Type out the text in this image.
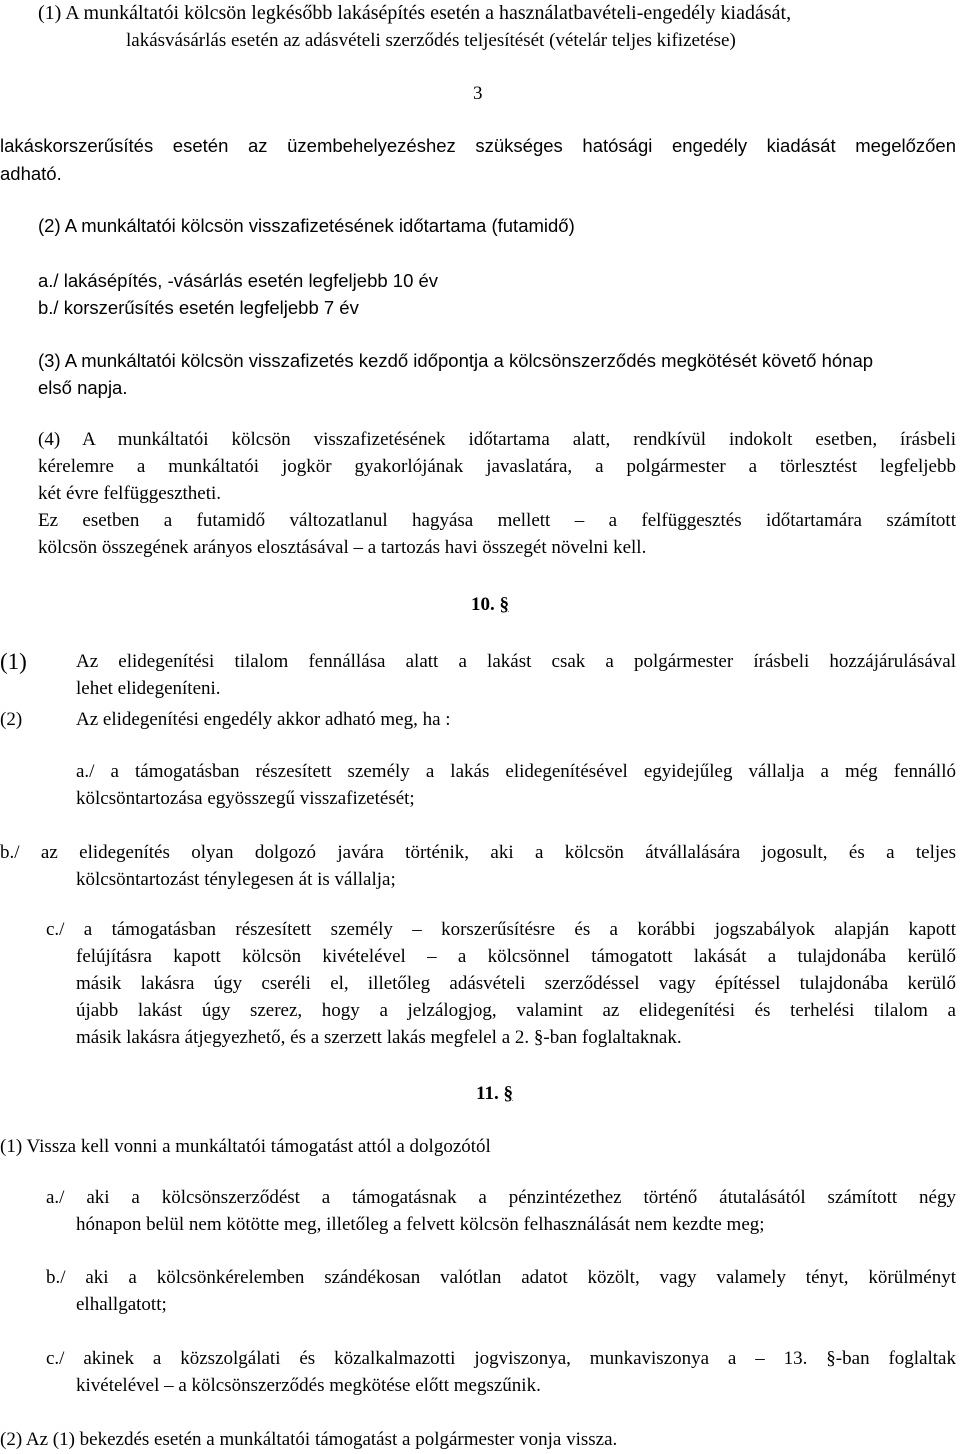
(1) A munkáltatói kölcsön legkésőbb lakásépítés esetén a használatbavételi-engedély kiadását,
lakásvásárlás esetén az adásvételi szerződés teljesítését (vételár teljes kifizetése)
3
lakáskorszerűsítés esetén az üzembehelyezéshez szükséges hatósági engedély kiadását megelőzően
adható.
(2) A munkáltatói kölcsön visszafizetésének időtartama (futamidő)
a./ lakásépítés, -vásárlás esetén legfeljebb 10 év
b./ korszerűsítés esetén legfeljebb 7 év
(3) A munkáltatói kölcsön visszafizetés kezdő időpontja a kölcsönszerződés megkötését követő hónap
első napja.
(4) A munkáltatói kölcsön visszafizetésének időtartama alatt, rendkívül indokolt esetben, írásbeli
kérelemre a munkáltatói jogkör gyakorlójának javaslatára, a polgármester a törlesztést legfeljebb
két évre felfüggesztheti.
Ez esetben a futamidő változatlanul hagyása mellett – a felfüggesztés időtartamára számított
kölcsön összegének arányos elosztásával – a tartozás havi összegét növelni kell.
10. §
(1)	Az elidegenítési tilalom fennállása alatt a lakást csak a polgármester írásbeli hozzájárulásával
lehet elidegeníteni.
(2)	Az elidegenítési engedély akkor adható meg, ha :
a./ a támogatásban részesített személy a lakás elidegenítésével egyidejűleg vállalja a még fennálló
kölcsöntartozása egyösszegű visszafizetését;
b./ az elidegenítés olyan dolgozó javára történik, aki a kölcsön átvállalására jogosult, és a teljes
kölcsöntartozást ténylegesen át is vállalja;
c./ a támogatásban részesített személy – korszerűsítésre és a korábbi jogszabályok alapján kapott
felújításra kapott kölcsön kivételével – a kölcsönnel támogatott lakását a tulajdonába kerülő
másik lakásra úgy cseréli el, illetőleg adásvételi szerződéssel vagy építéssel tulajdonába kerülő
újabb lakást úgy szerez, hogy a jelzálogjog, valamint az elidegenítési és terhelési tilalom a
másik lakásra átjegyezhető, és a szerzett lakás megfelel a 2. §-ban foglaltaknak.
11. §
(1) Vissza kell vonni a munkáltatói támogatást attól a dolgozótól
a./ aki a kölcsönszerződést a támogatásnak a pénzintézethez történő átutalásától számított négy
hónapon belül nem kötötte meg, illetőleg a felvett kölcsön felhasználását nem kezdte meg;
b./ aki a kölcsönkérelemben szándékosan valótlan adatot közölt, vagy valamely tényt, körülményt
elhallgatott;
c./ akinek a közszolgálati és közalkalmazotti jogviszonya, munkaviszonya a – 13. §-ban foglaltak
kivételével – a kölcsönszerződés megkötése előtt megszűnik.
(2) Az (1) bekezdés esetén a munkáltatói támogatást a polgármester vonja vissza.
